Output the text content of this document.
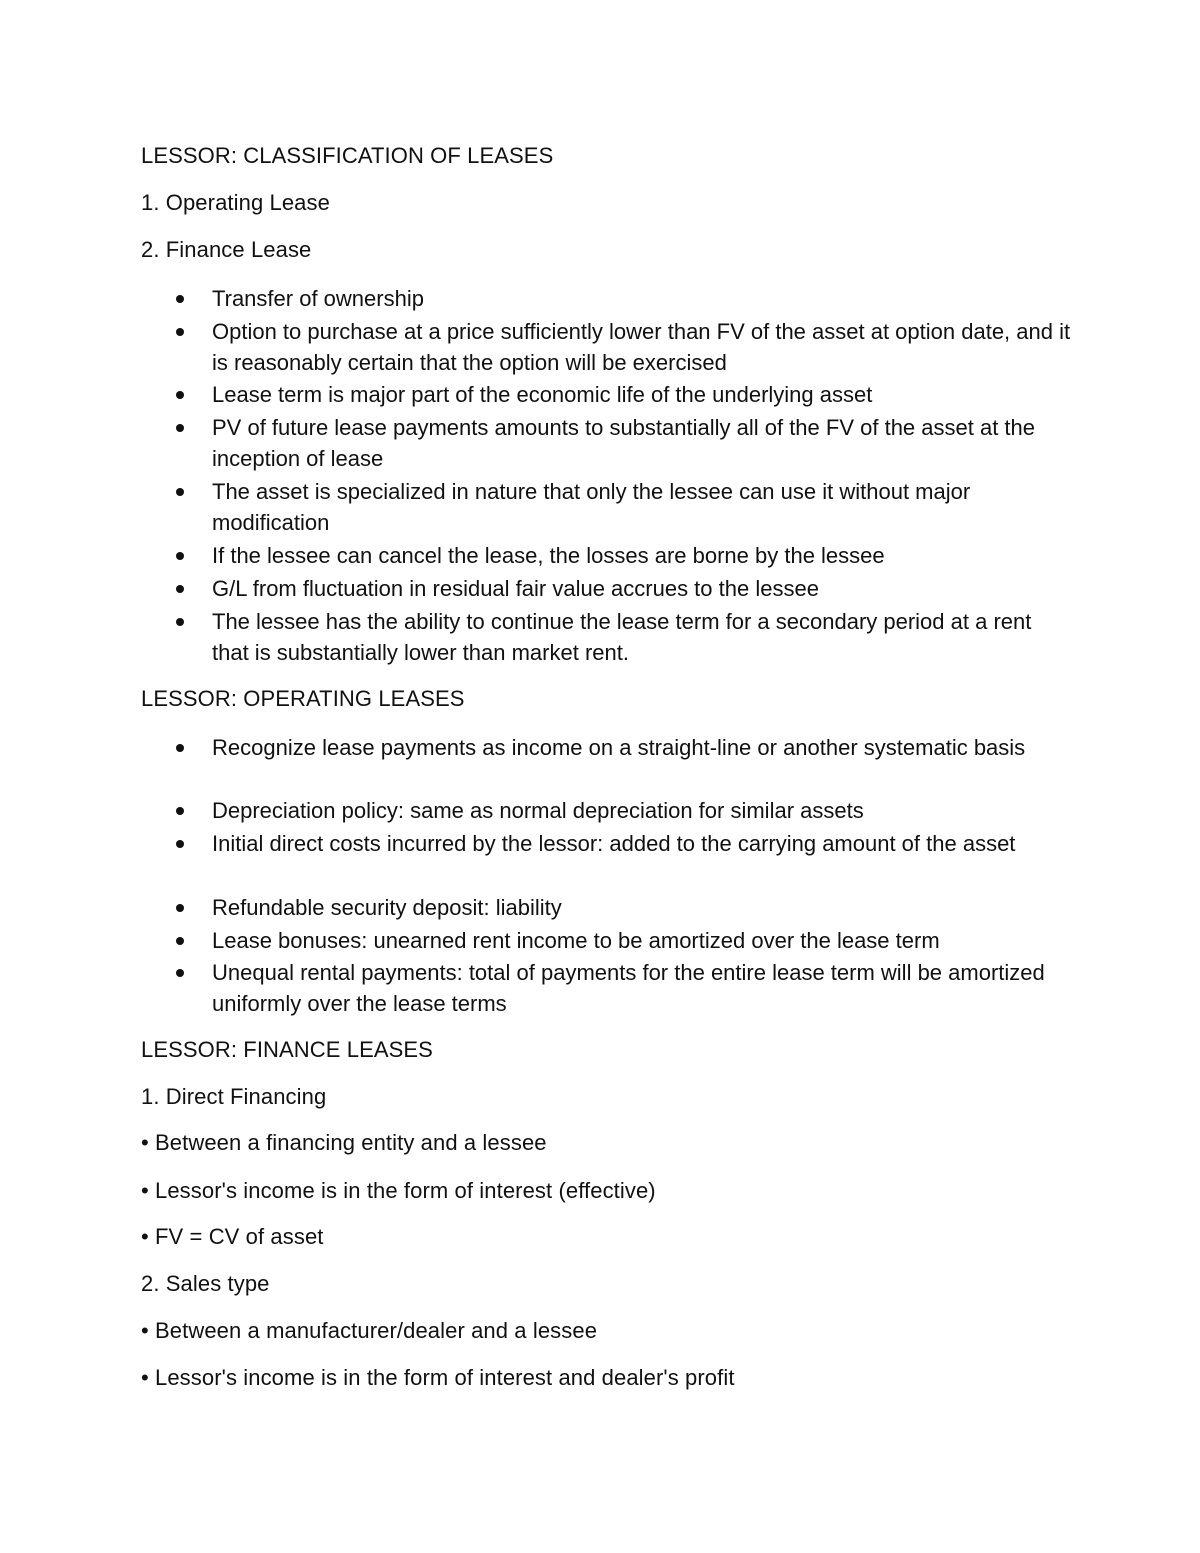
LESSOR: CLASSIFICATION OF LEASES
1. Operating Lease
2. Finance Lease
Transfer of ownership
Option to purchase at a price sufficiently lower than FV of the asset at option date, and it is reasonably certain that the option will be exercised
Lease term is major part of the economic life of the underlying asset
PV of future lease payments amounts to substantially all of the FV of the asset at the inception of lease
The asset is specialized in nature that only the lessee can use it without major modification
If the lessee can cancel the lease, the losses are borne by the lessee
G/L from fluctuation in residual fair value accrues to the lessee
The lessee has the ability to continue the lease term for a secondary period at a rent that is substantially lower than market rent.
LESSOR: OPERATING LEASES
Recognize lease payments as income on a straight-line or another systematic basis
Depreciation policy: same as normal depreciation for similar assets
Initial direct costs incurred by the lessor: added to the carrying amount of the asset
Refundable security deposit: liability
Lease bonuses: unearned rent income to be amortized over the lease term
Unequal rental payments: total of payments for the entire lease term will be amortized uniformly over the lease terms
LESSOR: FINANCE LEASES
1. Direct Financing
• Between a financing entity and a lessee
• Lessor's income is in the form of interest (effective)
• FV = CV of asset
2. Sales type
• Between a manufacturer/dealer and a lessee
• Lessor's income is in the form of interest and dealer's profit
